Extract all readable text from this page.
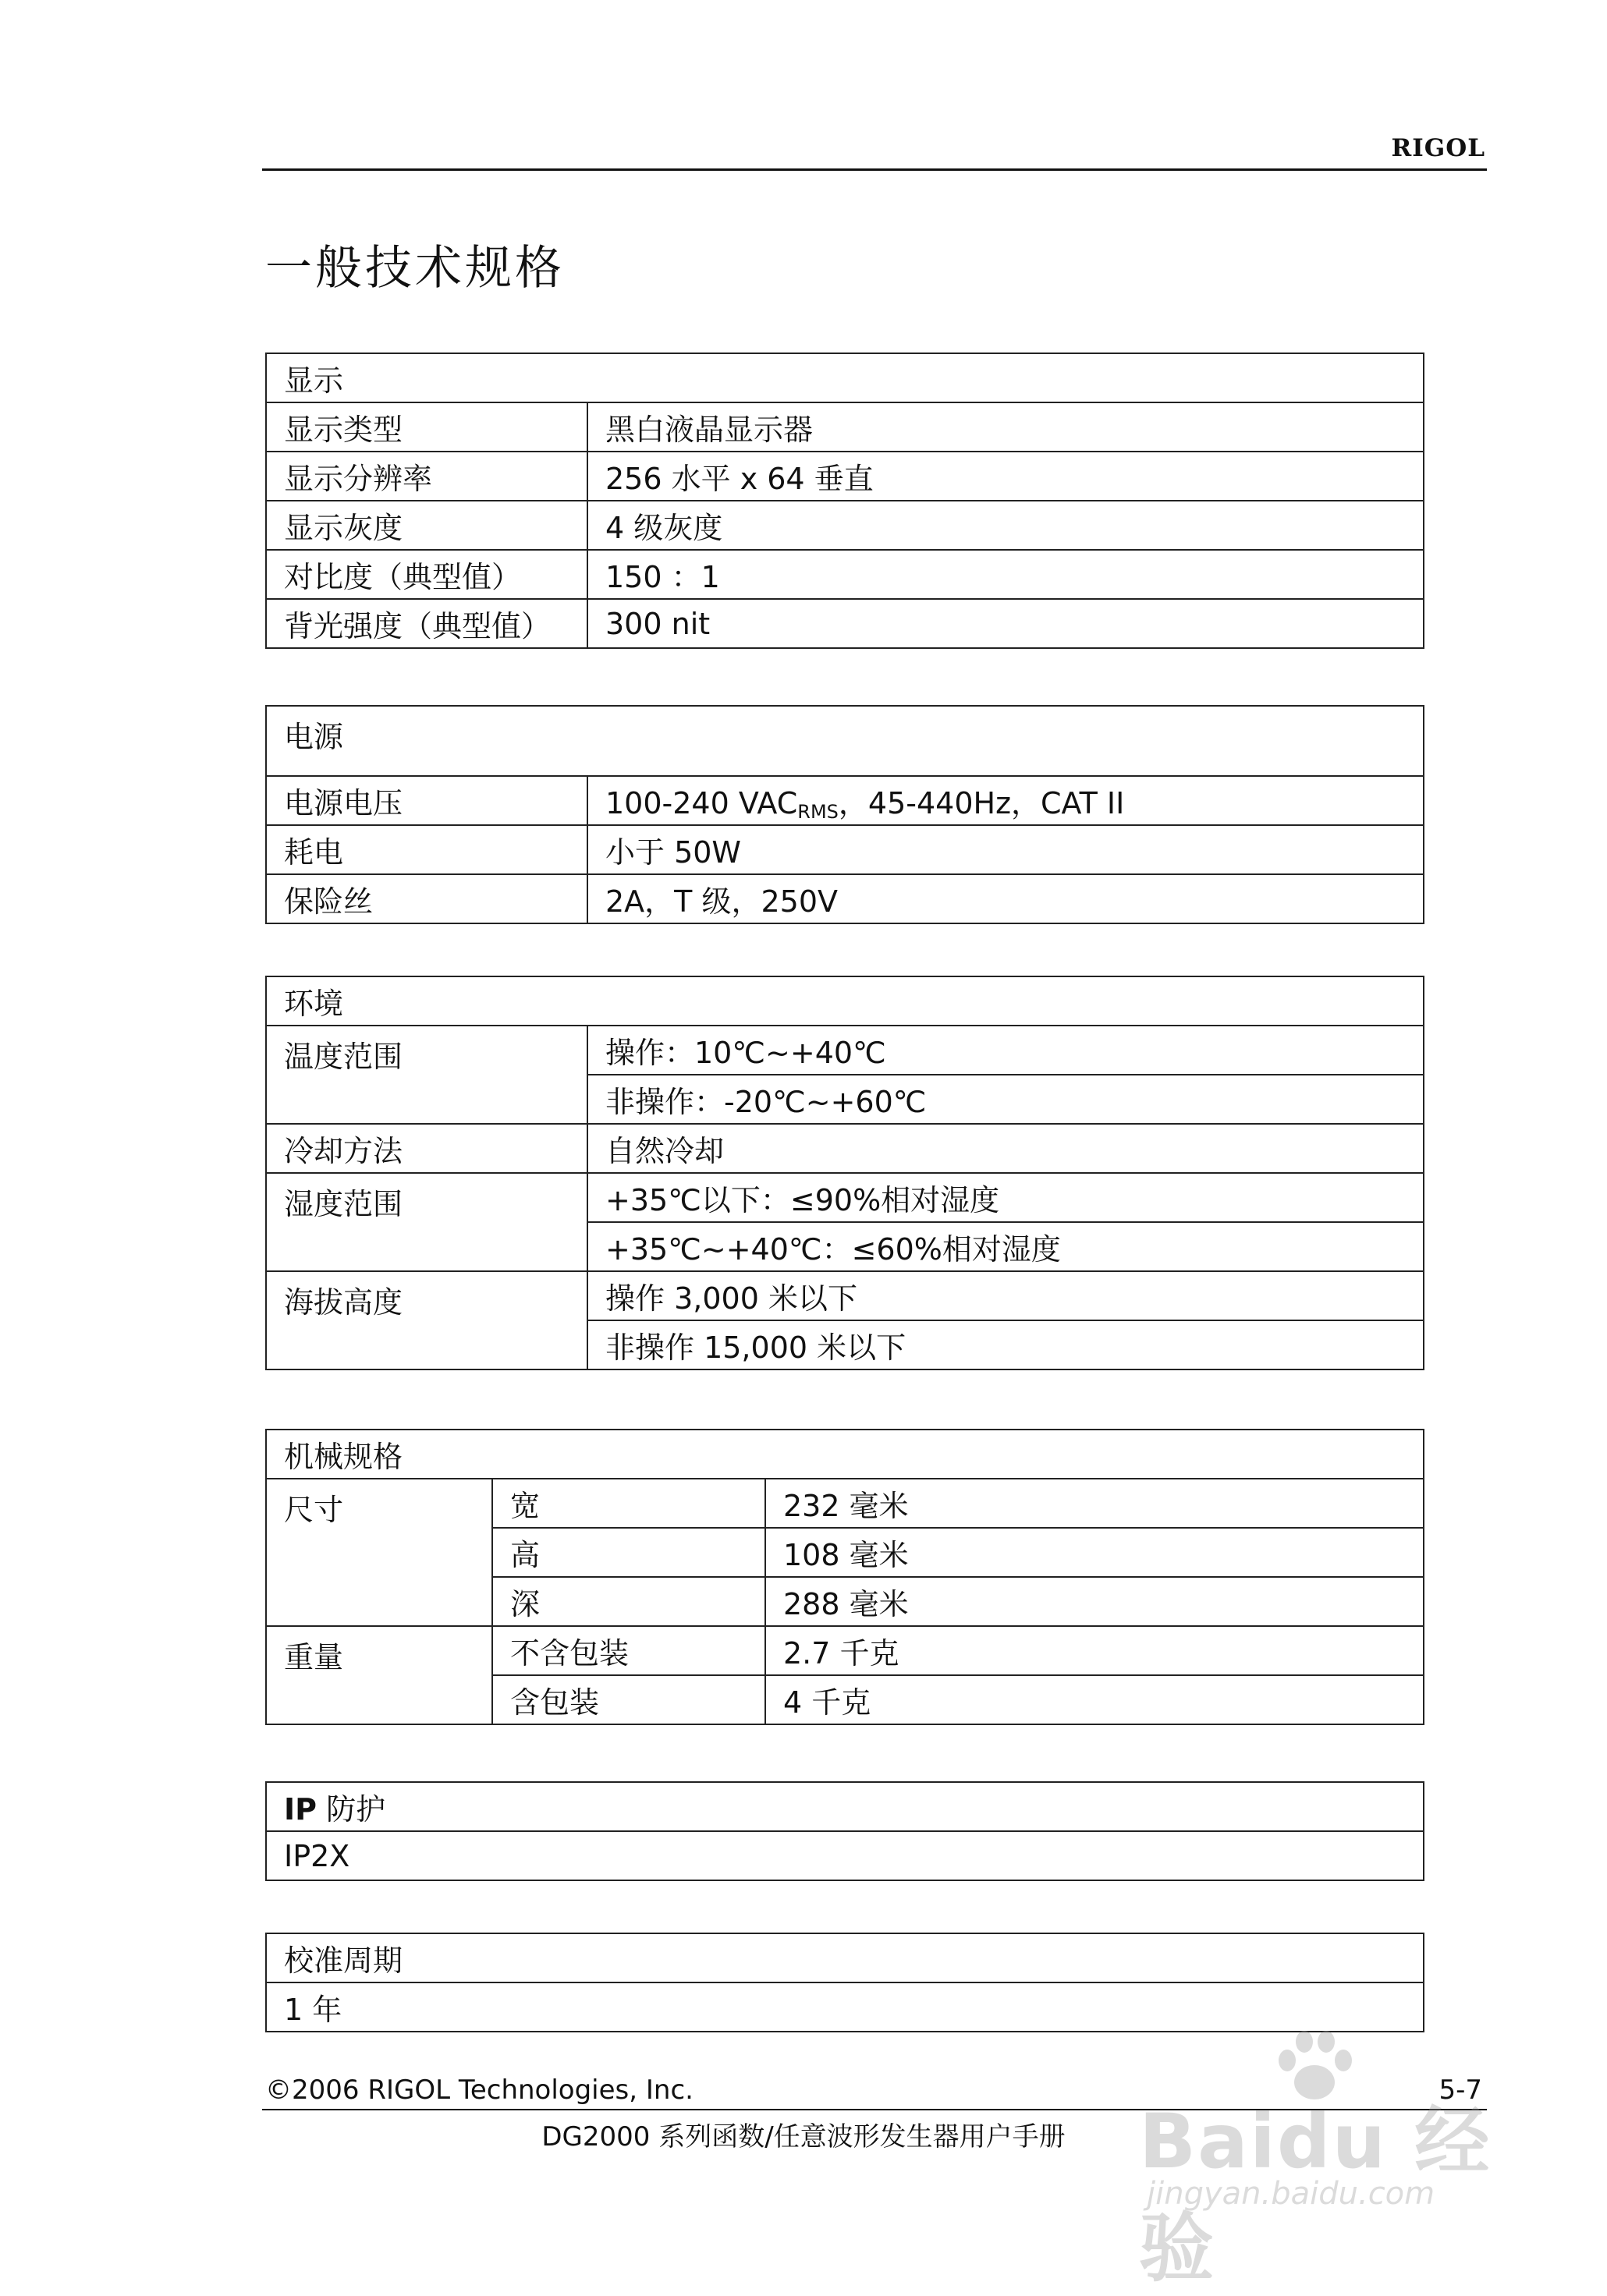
RIGOL
一般技术规格
显示	
显示类型	黑白液晶显示器
显示分辨率	256 水平 x 64 垂直
显示灰度	4 级灰度
对比度（典型值）	150 ：1
背光强度（典型值）	300 nit
电源	
电源电压	100-240 $VAC_{RMS}$，45-440Hz，CAT II
耗电	小于 50W
保险丝	2A，T 级，250V
环境	
温度范围	操作：10℃~+40℃
	非操作：-20℃~+60℃
冷却方法	自然冷却
湿度范围	+35℃以下：≤90%相对湿度
	+35℃~+40℃：≤60%相对湿度
海拔高度	操作 3,000 米以下
	非操作 15,000 米以下
机械规格		
尺寸	宽	232 毫米
	高	108 毫米
	深	288 毫米
重量	不含包装	2.7 千克
	含包装	4 千克
IP 防护
IP2X
校准周期
1 年
©2006 RIGOL Technologies, Inc.	5-7
DG2000 系列函数/任意波形发生器用户手册 Baidu 经验
jingyan.baidu.com
